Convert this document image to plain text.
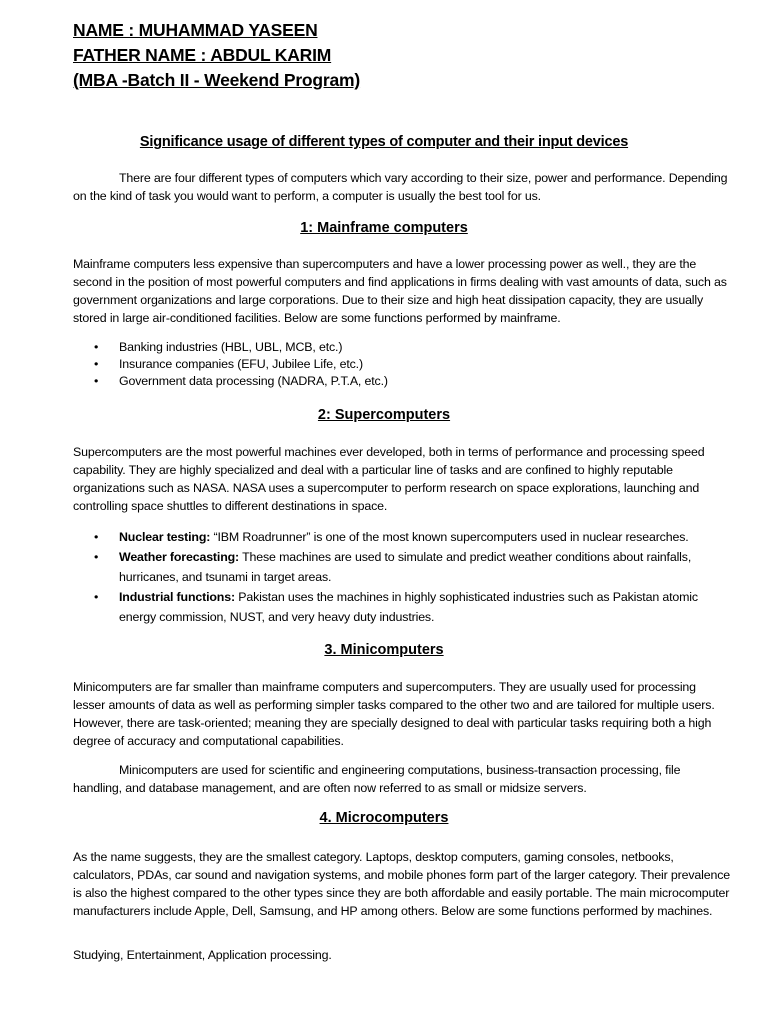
NAME : MUHAMMAD YASEEN
FATHER NAME : ABDUL KARIM
(MBA -Batch II - Weekend Program)
Significance usage of different types of computer and their input devices
There are four different types of computers which vary according to their size, power and performance. Depending on the kind of task you would want to perform, a computer is usually the best tool for us.
1: Mainframe computers
Mainframe computers less expensive than supercomputers and have a lower processing power as well., they are the second in the position of most powerful computers and find applications in firms dealing with vast amounts of data, such as government organizations and large corporations. Due to their size and high heat dissipation capacity, they are usually stored in large air-conditioned facilities. Below are some functions performed by mainframe.
• Banking industries (HBL, UBL, MCB, etc.)
• Insurance companies (EFU, Jubilee Life, etc.)
• Government data processing (NADRA, P.T.A, etc.)
2: Supercomputers
Supercomputers are the most powerful machines ever developed, both in terms of performance and processing speed capability. They are highly specialized and deal with a particular line of tasks and are confined to highly reputable organizations such as NASA. NASA uses a supercomputer to perform research on space explorations, launching and controlling space shuttles to different destinations in space.
• Nuclear testing: “IBM Roadrunner” is one of the most known supercomputers used in nuclear researches.
• Weather forecasting: These machines are used to simulate and predict weather conditions about rainfalls, hurricanes, and tsunami in target areas.
• Industrial functions: Pakistan uses the machines in highly sophisticated industries such as Pakistan atomic energy commission, NUST, and very heavy duty industries.
3. Minicomputers
Minicomputers are far smaller than mainframe computers and supercomputers. They are usually used for processing lesser amounts of data as well as performing simpler tasks compared to the other two and are tailored for multiple users. However, there are task-oriented; meaning they are specially designed to deal with particular tasks requiring both a high degree of accuracy and computational capabilities.
Minicomputers are used for scientific and engineering computations, business-transaction processing, file handling, and database management, and are often now referred to as small or midsize servers.
4. Microcomputers
As the name suggests, they are the smallest category. Laptops, desktop computers, gaming consoles, netbooks, calculators, PDAs, car sound and navigation systems, and mobile phones form part of the larger category. Their prevalence is also the highest compared to the other types since they are both affordable and easily portable. The main microcomputer manufacturers include Apple, Dell, Samsung, and HP among others. Below are some functions performed by machines.
Studying, Entertainment, Application processing.
